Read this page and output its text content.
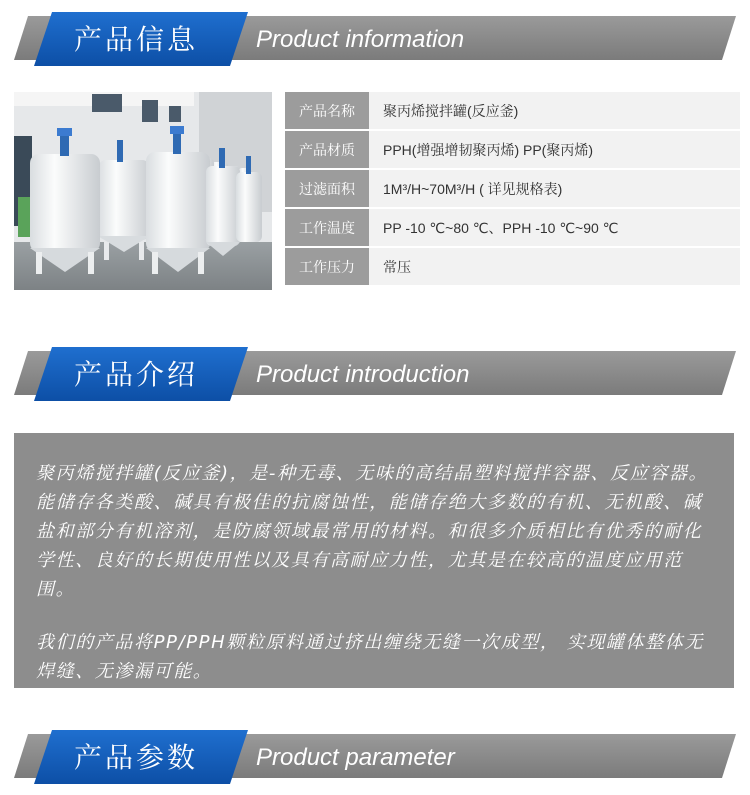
产品信息	Product information
产品名称	聚丙烯搅拌罐(反应釜)
产品材质	PPH(增强增韧聚丙烯) PP(聚丙烯)
过滤面积	1M³/H~70M³/H ( 详见规格表)
工作温度	PP -10 ℃~80 ℃、PPH -10 ℃~90 ℃
工作压力	常压
产品介绍	Product introduction

聚丙烯搅拌罐(反应釜)，是-种无毒、无味的高结晶塑料搅拌容器、反应容器。能储存各类酸、碱具有极佳的抗腐蚀性，能储存绝大多数的有机、无机酸、碱盐和部分有机溶剂，是防腐领域最常用的材料。和很多介质相比有优秀的耐化学性、良好的长期使用性以及具有高耐应力性，尤其是在较高的温度应用范围。

我们的产品将PP/PPH颗粒原料通过挤出缠绕无缝一次成型， 实现罐体整体无焊缝、无渗漏可能。

产品参数	Product parameter
